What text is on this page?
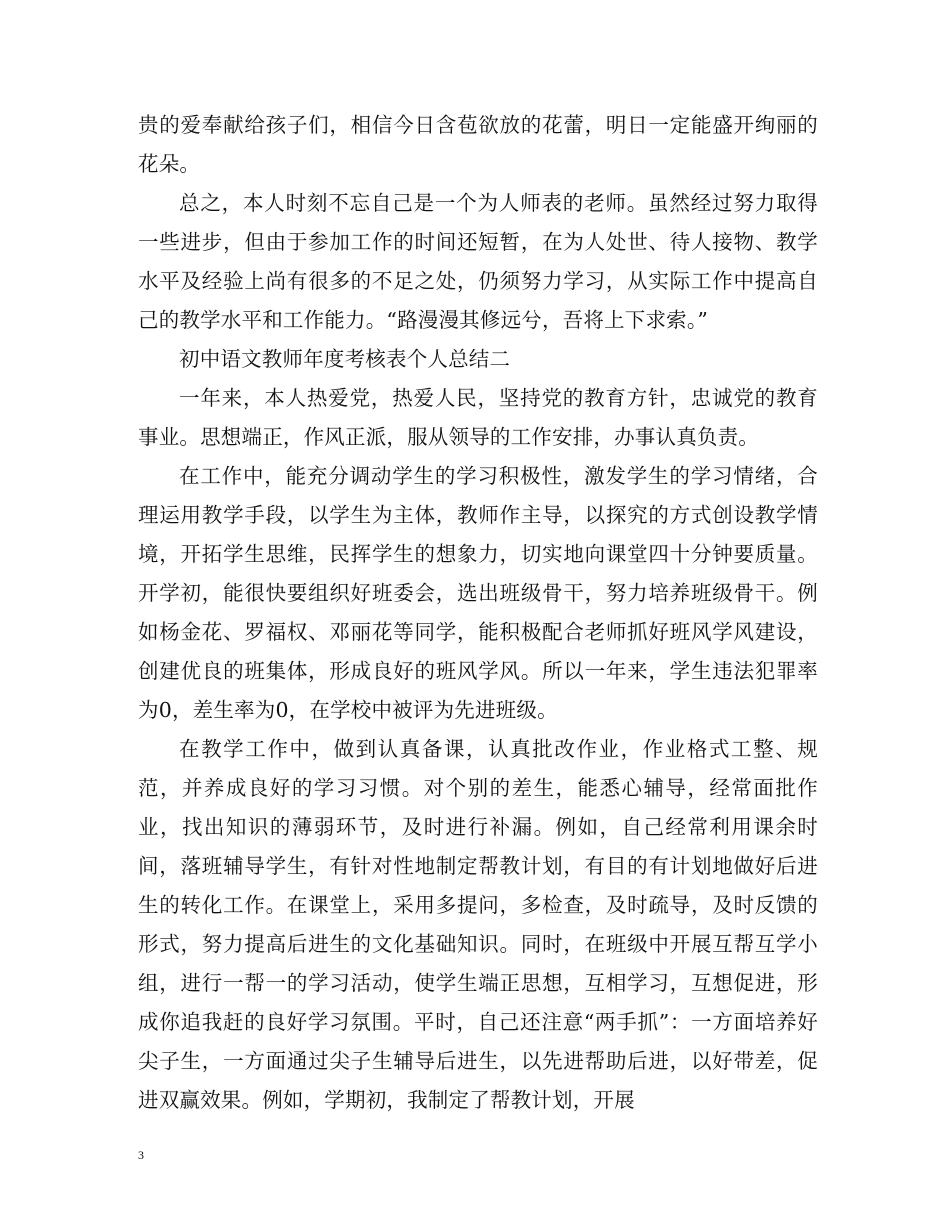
贵的爱奉献给孩子们，相信今日含苞欲放的花蕾，明日一定能盛开绚丽的花朵。

总之，本人时刻不忘自己是一个为人师表的老师。虽然经过努力取得一些进步，但由于参加工作的时间还短暂，在为人处世、待人接物、教学水平及经验上尚有很多的不足之处，仍须努力学习，从实际工作中提高自己的教学水平和工作能力。“路漫漫其修远兮，吾将上下求索。”

初中语文教师年度考核表个人总结二

一年来，本人热爱党，热爱人民，坚持党的教育方针，忠诚党的教育事业。思想端正，作风正派，服从领导的工作安排，办事认真负责。

在工作中，能充分调动学生的学习积极性，激发学生的学习情绪，合理运用教学手段，以学生为主体，教师作主导，以探究的方式创设教学情境，开拓学生思维，民挥学生的想象力，切实地向课堂四十分钟要质量。开学初，能很快要组织好班委会，选出班级骨干，努力培养班级骨干。例如杨金花、罗福权、邓丽花等同学，能积极配合老师抓好班风学风建设，创建优良的班集体，形成良好的班风学风。所以一年来，学生违法犯罪率为0，差生率为0，在学校中被评为先进班级。

在教学工作中，做到认真备课，认真批改作业，作业格式工整、规范，并养成良好的学习习惯。对个别的差生，能悉心辅导，经常面批作业，找出知识的薄弱环节，及时进行补漏。例如，自己经常利用课余时间，落班辅导学生，有针对性地制定帮教计划，有目的有计划地做好后进生的转化工作。在课堂上，采用多提问，多检查，及时疏导，及时反馈的形式，努力提高后进生的文化基础知识。同时，在班级中开展互帮互学小组，进行一帮一的学习活动，使学生端正思想，互相学习，互想促进，形成你追我赶的良好学习氛围。平时，自己还注意“两手抓”：一方面培养好尖子生，一方面通过尖子生辅导后进生，以先进帮助后进，以好带差，促进双赢效果。例如，学期初，我制定了帮教计划，开展

3
